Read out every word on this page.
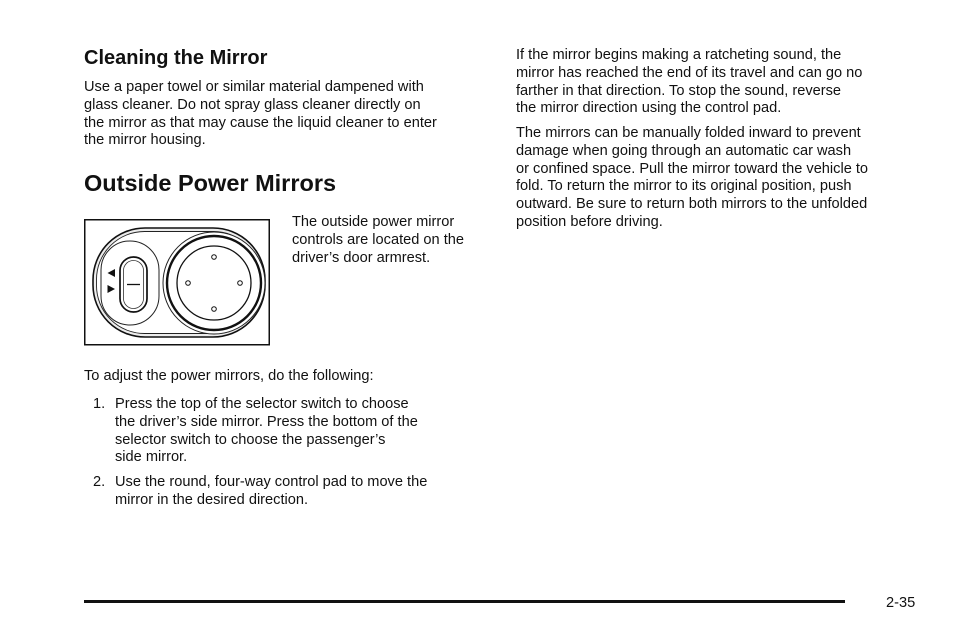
Cleaning the Mirror
Use a paper towel or similar material dampened with
glass cleaner. Do not spray glass cleaner directly on
the mirror as that may cause the liquid cleaner to enter
the mirror housing.
Outside Power Mirrors
The outside power mirror
controls are located on the
driver’s door armrest.
To adjust the power mirrors, do the following:
1. Press the top of the selector switch to choose
the driver’s side mirror. Press the bottom of the
selector switch to choose the passenger’s
side mirror.
2. Use the round, four-way control pad to move the
mirror in the desired direction.
If the mirror begins making a ratcheting sound, the
mirror has reached the end of its travel and can go no
farther in that direction. To stop the sound, reverse
the mirror direction using the control pad.
The mirrors can be manually folded inward to prevent
damage when going through an automatic car wash
or confined space. Pull the mirror toward the vehicle to
fold. To return the mirror to its original position, push
outward. Be sure to return both mirrors to the unfolded
position before driving.
2-35
